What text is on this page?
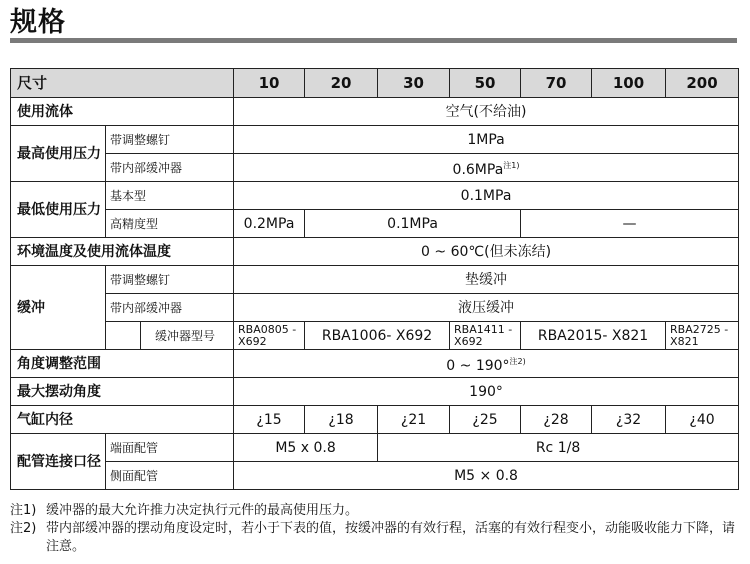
规格
尺寸			10	20	30	50	70	100	200
使用流体			空气(不给油)						
最高使用压力	带调整螺钉		1MPa						
	带内部缓冲器		0.6MPa$^{注1)}$
最低使用压力	基本型		0.1MPa						
	高精度型		0.2MPa	0.1MPa			—		
环境温度及使用流体温度			0 ~ 60℃(但未冻结)						
缓冲	带调整螺钉		垫缓冲						
	带内部缓冲器		液压缓冲						
		缓冲器型号	RBA0805 - X692	RBA1006- X692		RBA1411 - X692	RBA2015- X821		RBA2725 - X821
角度调整范围			0 ~ 190°$^{注2)}$
最大摆动角度			190°						
气缸内径			¿15	¿18	¿21	¿25	¿28	¿32	¿40
配管连接口径	端面配管		M5 x 0.8		Rc 1/8				
	侧面配管		M5 × 0.8						
注1) 缓冲器的最大允许推力决定执行元件的最高使用压力。
注2) 带内部缓冲器的摆动角度设定时，若小于下表的值，按缓冲器的有效行程，活塞的有效行程变小，动能吸收能力下降，请注意。
